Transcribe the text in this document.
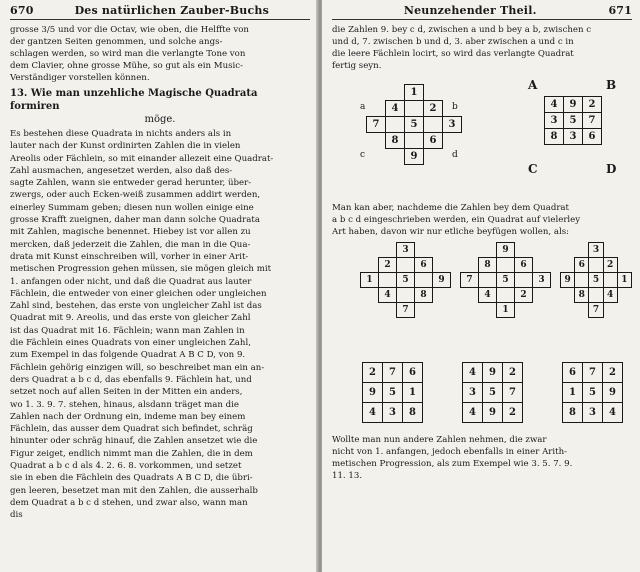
670	Des natürlichen Zauber-Buchs

grosse 3/5 und vor die Octav, wie oben, die Helffte von

der gantzen Seiten genommen, und solche angs-

schlagen werden, so wird man die verlangte Tone von

dem Clavier, ohne grosse Mühe, so gut als ein Music-

Verständiger vorstellen können.

13. Wie man unzehliche Magische Quadrata formiren
möge.

Es bestehen diese Quadrata in nichts anders als in

lauter nach der Kunst ordinirten Zahlen die in vielen

Areolis oder Fächlein, so mit einander allezeit eine Quadrat-

Zahl ausmachen, angesetzet werden, also daß des-

sagte Zahlen, wann sie entweder gerad herunter, über-

zwergs, oder auch Ecken-weiß zusammen addirt werden,

einerley Summam geben; diesen nun wollen einige eine

grosse Krafft zueignen, daher man dann solche Quadrata

mit Zahlen, magische benennet. Hiebey ist vor allen zu

mercken, daß jederzeit die Zahlen, die man in die Qua-

drata mit Kunst einschreiben will, vorher in einer Arit-

metischen Progression gehen müssen, sie mögen gleich mit

1. anfangen oder nicht, und daß die Quadrat aus lauter

Fächlein, die entweder von einer gleichen oder ungleichen

Zahl sind, bestehen, das erste von ungleicher Zahl ist das

Quadrat mit 9. Areolis, und das erste von gleicher Zahl

ist das Quadrat mit 16. Fächlein; wann man Zahlen in

die Fächlein eines Quadrats von einer ungleichen Zahl,

zum Exempel in das folgende Quadrat A B C D, von 9.

Fächlein gehörig einzigen will, so beschreibet man ein an-

ders Quadrat a b c d, das ebenfalls 9. Fächlein hat, und

setzet noch auf allen Seiten in der Mitten ein anders,

wo 1. 3. 9. 7. stehen, hinaus, alsdann träget man die

Zahlen nach der Ordnung ein, indeme man bey einem

Fächlein, das ausser dem Quadrat sich befindet, schräg

hinunter oder schräg hinauf, die Zahlen ansetzet wie die

Figur zeiget, endlich nimmt man die Zahlen, die in dem

Quadrat a b c d als 4. 2. 6. 8. vorkommen, und setzet

sie in eben die Fächlein des Quadrats A B C D, die übri-

gen leeren, besetzet man mit den Zahlen, die ausserhalb

dem Quadrat a b c d stehen, und zwar also, wann man

dis

Neunzehender Theil.	671

die Zahlen 9. bey c d, zwischen a und b bey a b, zwischen c

und d, 7. zwischen b und d, 3. aber zwischen a und c in

die leere Fächlein locirt, so wird das verlangte Quadrat

fertig seyn.

		1		
	4		2	
7		5		3
	8		6	
		9		
a	b
c	d
A	B
C	D
4	9	2
3	5	7
8	3	6

Man kan aber, nachdeme die Zahlen bey dem Quadrat

a b c d eingeschrieben werden, ein Quadrat auf vielerley

Art haben, davon wir nur etliche beyfügen wollen, als:

		3		
	2		6	
1		5		9
	4		8	
		7		
		9		
	8		6	
7		5		3
	4		2	
		1		
		3		
	6		2	
9		5		1
	8		4	
		7		
2	7	6
9	5	1
4	3	8
4	9	2
3	5	7
4	9	2
6	7	2
1	5	9
8	3	4

Wollte man nun andere Zahlen nehmen, die zwar

nicht von 1. anfangen, jedoch ebenfalls in einer Arith-

metischen Progression, als zum Exempel wie 3. 5. 7. 9.

11. 13.
